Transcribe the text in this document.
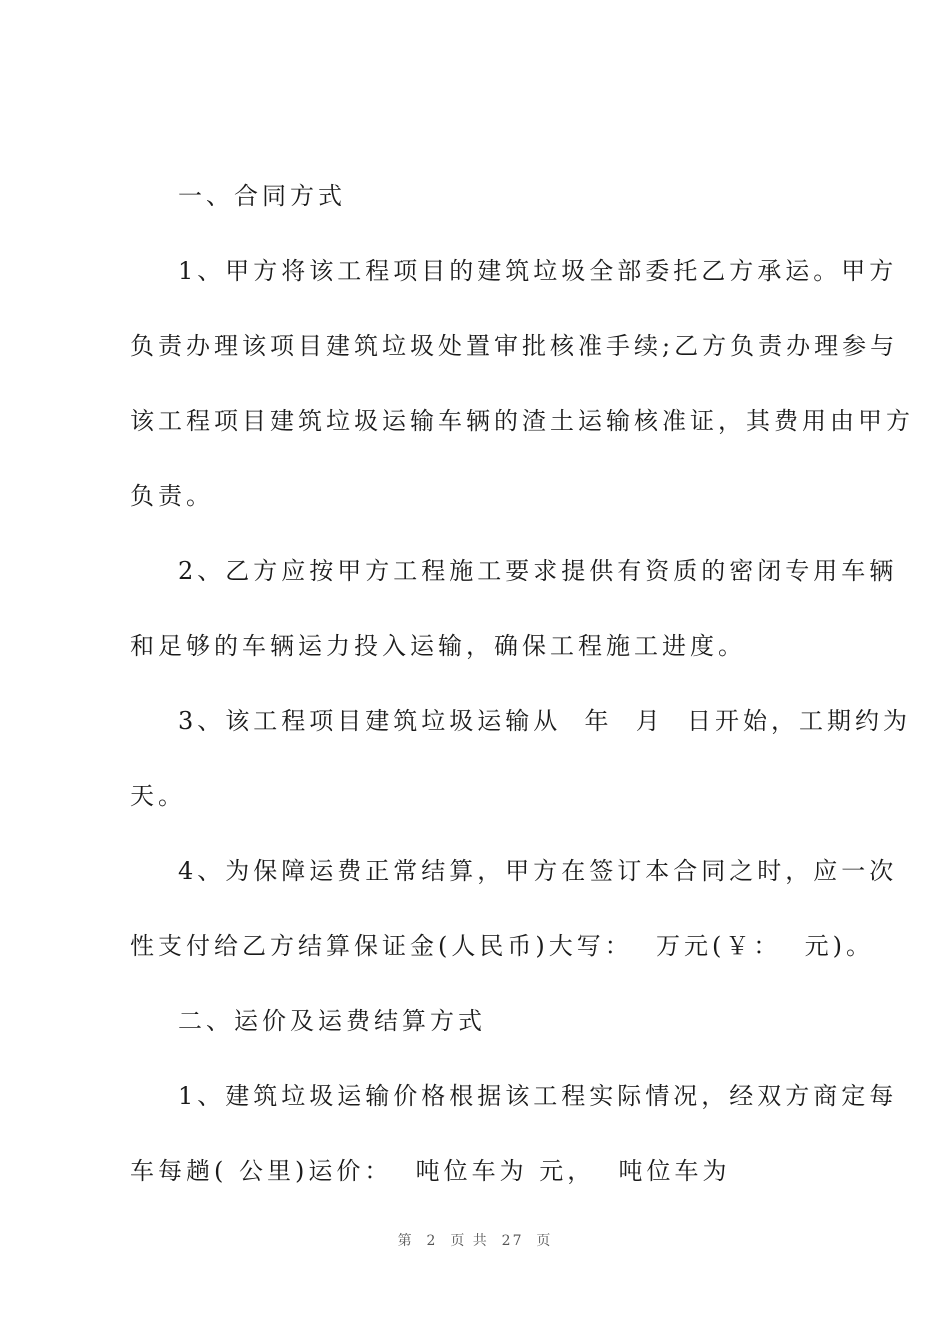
一、合同方式
1、甲方将该工程项目的建筑垃圾全部委托乙方承运。甲方
负责办理该项目建筑垃圾处置审批核准手续;乙方负责办理参与
该工程项目建筑垃圾运输车辆的渣土运输核准证，其费用由甲方
负责。
2、乙方应按甲方工程施工要求提供有资质的密闭专用车辆
和足够的车辆运力投入运输，确保工程施工进度。
3、该工程项目建筑垃圾运输从  年  月  日开始，工期约为
天。
4、为保障运费正常结算，甲方在签订本合同之时，应一次
性支付给乙方结算保证金(人民币)大写：  万元(￥：  元)。
二、运价及运费结算方式
1、建筑垃圾运输价格根据该工程实际情况，经双方商定每
车每趟( 公里)运价：  吨位车为 元，  吨位车为
第  2  页 共  27  页
